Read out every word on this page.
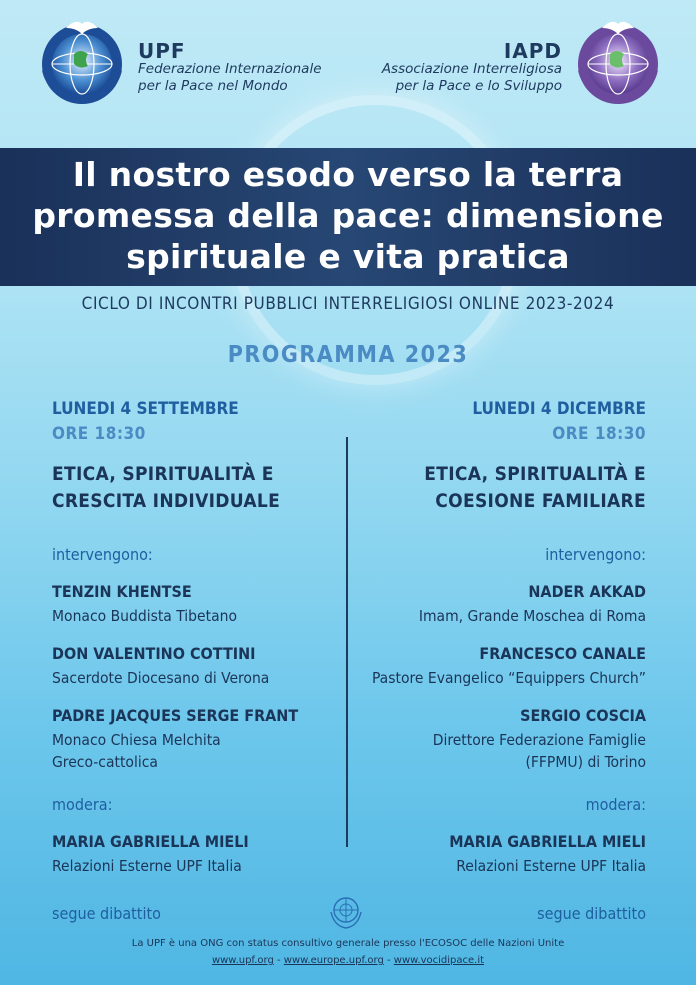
UPF
Federazione Internazionale
per la Pace nel Mondo
IAPD
Associazione Interreligiosa
per la Pace e lo Sviluppo
Il nostro esodo verso la terra
promessa della pace: dimensione
spirituale e vita pratica
CICLO DI INCONTRI PUBBLICI INTERRELIGIOSI ONLINE 2023-2024
PROGRAMMA 2023
LUNEDI 4 SETTEMBRE
ORE 18:30
ETICA, SPIRITUALITÀ E
CRESCITA INDIVIDUALE
intervengono:
TENZIN KHENTSE
Monaco Buddista Tibetano
DON VALENTINO COTTINI
Sacerdote Diocesano di Verona
PADRE JACQUES SERGE FRANT
Monaco Chiesa Melchita
Greco-cattolica
modera:
MARIA GABRIELLA MIELI
Relazioni Esterne UPF Italia
segue dibattito
LUNEDI 4 DICEMBRE
ORE 18:30
ETICA, SPIRITUALITÀ E
COESIONE FAMILIARE
intervengono:
NADER AKKAD
Imam, Grande Moschea di Roma
FRANCESCO CANALE
Pastore Evangelico “Equippers Church”
SERGIO COSCIA
Direttore Federazione Famiglie
(FFPMU) di Torino
modera:
MARIA GABRIELLA MIELI
Relazioni Esterne UPF Italia
segue dibattito
La UPF è una ONG con status consultivo generale presso l'ECOSOC delle Nazioni Unite
www.upf.org - www.europe.upf.org - www.vocidipace.it
